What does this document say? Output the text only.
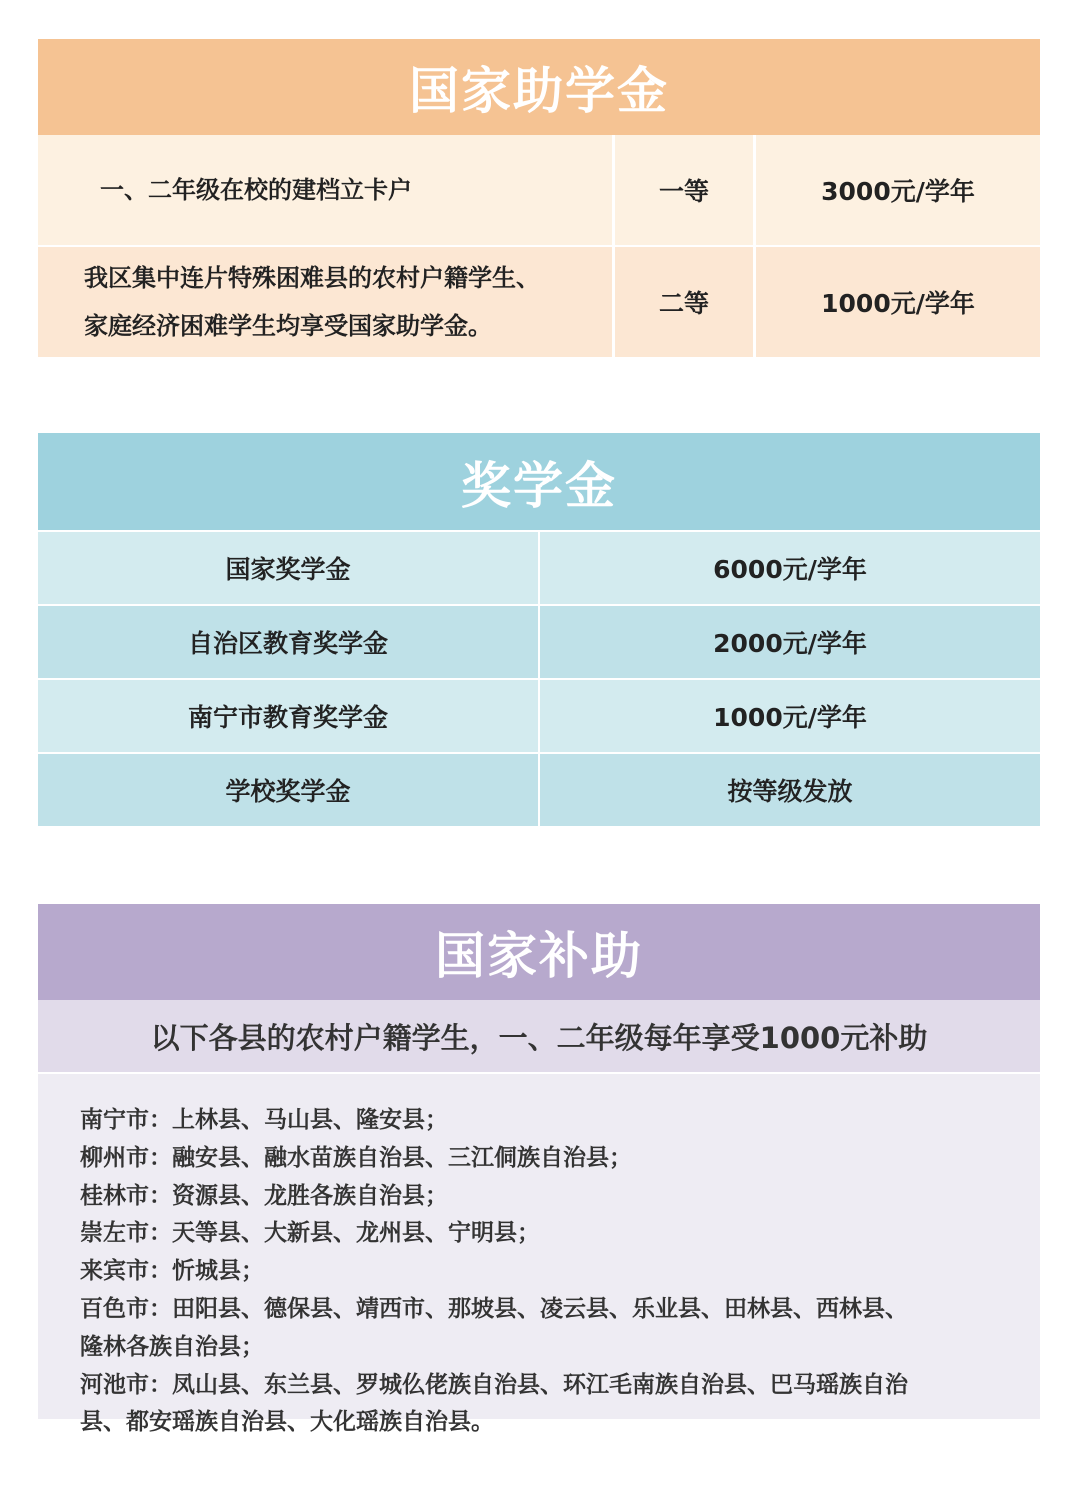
国家助学金
一、二年级在校的建档立卡户	一等	3000元/学年
我区集中连片特殊困难县的农村户籍学生、
家庭经济困难学生均享受国家助学金。
二等	1000元/学年
奖学金
国家奖学金	6000元/学年
自治区教育奖学金	2000元/学年
南宁市教育奖学金	1000元/学年
学校奖学金	按等级发放
国家补助
以下各县的农村户籍学生，一、二年级每年享受1000元补助
南宁市：上林县、马山县、隆安县；
柳州市：融安县、融水苗族自治县、三江侗族自治县；
桂林市：资源县、龙胜各族自治县；
崇左市：天等县、大新县、龙州县、宁明县；
来宾市：忻城县；
百色市：田阳县、德保县、靖西市、那坡县、凌云县、乐业县、田林县、西林县、
隆林各族自治县；
河池市：凤山县、东兰县、罗城仫佬族自治县、环江毛南族自治县、巴马瑶族自治
县、都安瑶族自治县、大化瑶族自治县。
